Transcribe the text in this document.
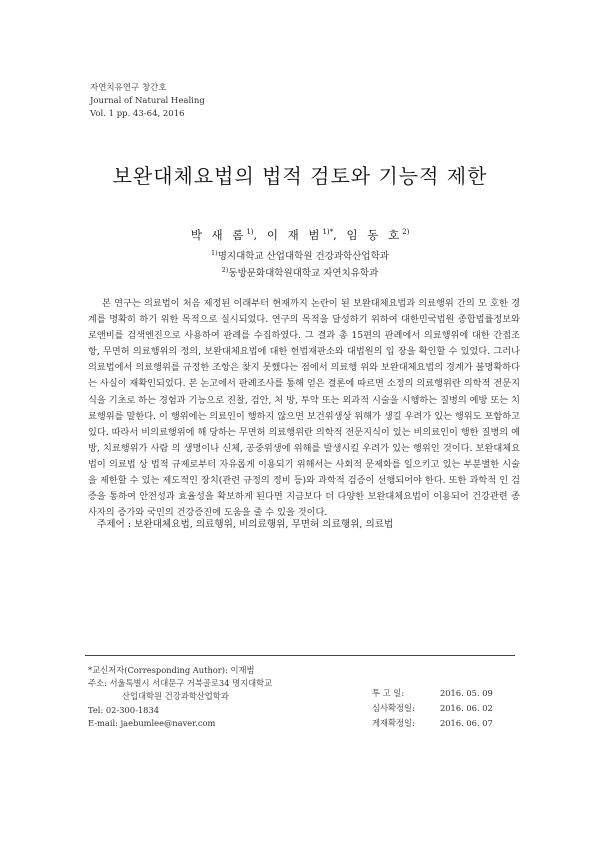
자연치유연구 창간호
Journal of Natural Healing
Vol. 1 pp. 43-64, 2016
보완대체요법의 법적 검토와 기능적 제한
박 새 롬$^{1)}$, 이 재 범$^{1)*}$, 임 동 호$^{2)}$
$^{1)}$명지대학교 산업대학원 건강과학산업학과
$^{2)}$동방문화대학원대학교 자연치유학과

본 연구는 의료법이 처음 제정된 이래부터 현재까지 논란이 된 보완대체요법과 의료행위 간의 모 호한 경계를 명확히 하기 위한 목적으로 실시되었다. 연구의 목적을 달성하기 위하여 대한민국법원 종합법률정보와 로앤비를 검색엔진으로 사용하여 판례를 수집하였다. 그 결과 총 15편의 판례에서 의료행위에 대한 간접조항, 무면허 의료행위의 정의, 보완대체요법에 대한 헌법재판소와 대법원의 입 장을 확인할 수 있었다. 그러나 의료법에서 의료행위를 규정한 조항은 찾지 못했다는 점에서 의료행 위와 보완대체요법의 경계가 불명확하다는 사실이 재확인되었다. 본 논고에서 판례조사를 통해 얻은 결론에 따르면 소정의 의료행위란 의학적 전문지식을 기초로 하는 경험과 기능으로 진찰, 검안, 처 방, 투약 또는 외과적 시술을 시행하는 질병의 예방 또는 치료행위를 말한다. 이 행위에는 의료인이 행하지 않으면 보건위생상 위해가 생길 우려가 있는 행위도 포함하고 있다. 따라서 비의료행위에 해 당하는 무면허 의료행위란 의학적 전문지식이 있는 비의료인이 행한 질병의 예방, 치료행위가 사람 의 생명이나 신체, 공중위생에 위해를 발생시킬 우려가 있는 행위인 것이다. 보완대체요법이 의료법 상 법적 규제로부터 자유롭게 이용되기 위해서는 사회적 문제화를 일으키고 있는 부분별한 시술을 제한할 수 있는 제도적인 장치(관련 규정의 정비 등)와 과학적 검증이 선행되어야 한다. 또한 과학적 인 검증을 통하여 안전성과 효율성을 확보하게 된다면 지금보다 더 다양한 보완대체요법이 이용되어 건강관련 종사자의 증가와 국민의 건강증진에 도움을 줄 수 있을 것이다.

주제어 : 보완대체요법, 의료행위, 비의료행위, 무면허 의료행위, 의료법
*교신저자(Corresponding Author): 이재범
주소: 서울특별시 서대문구 거북골로34 명지대학교
산업대학원 건강과학산업학과
Tel: 02-300-1834
E-mail: jaebumlee@naver.com
투 고 일:	2016. 05. 09
심사확정일:	2016. 06. 02
게재확정일:	2016. 06. 07
